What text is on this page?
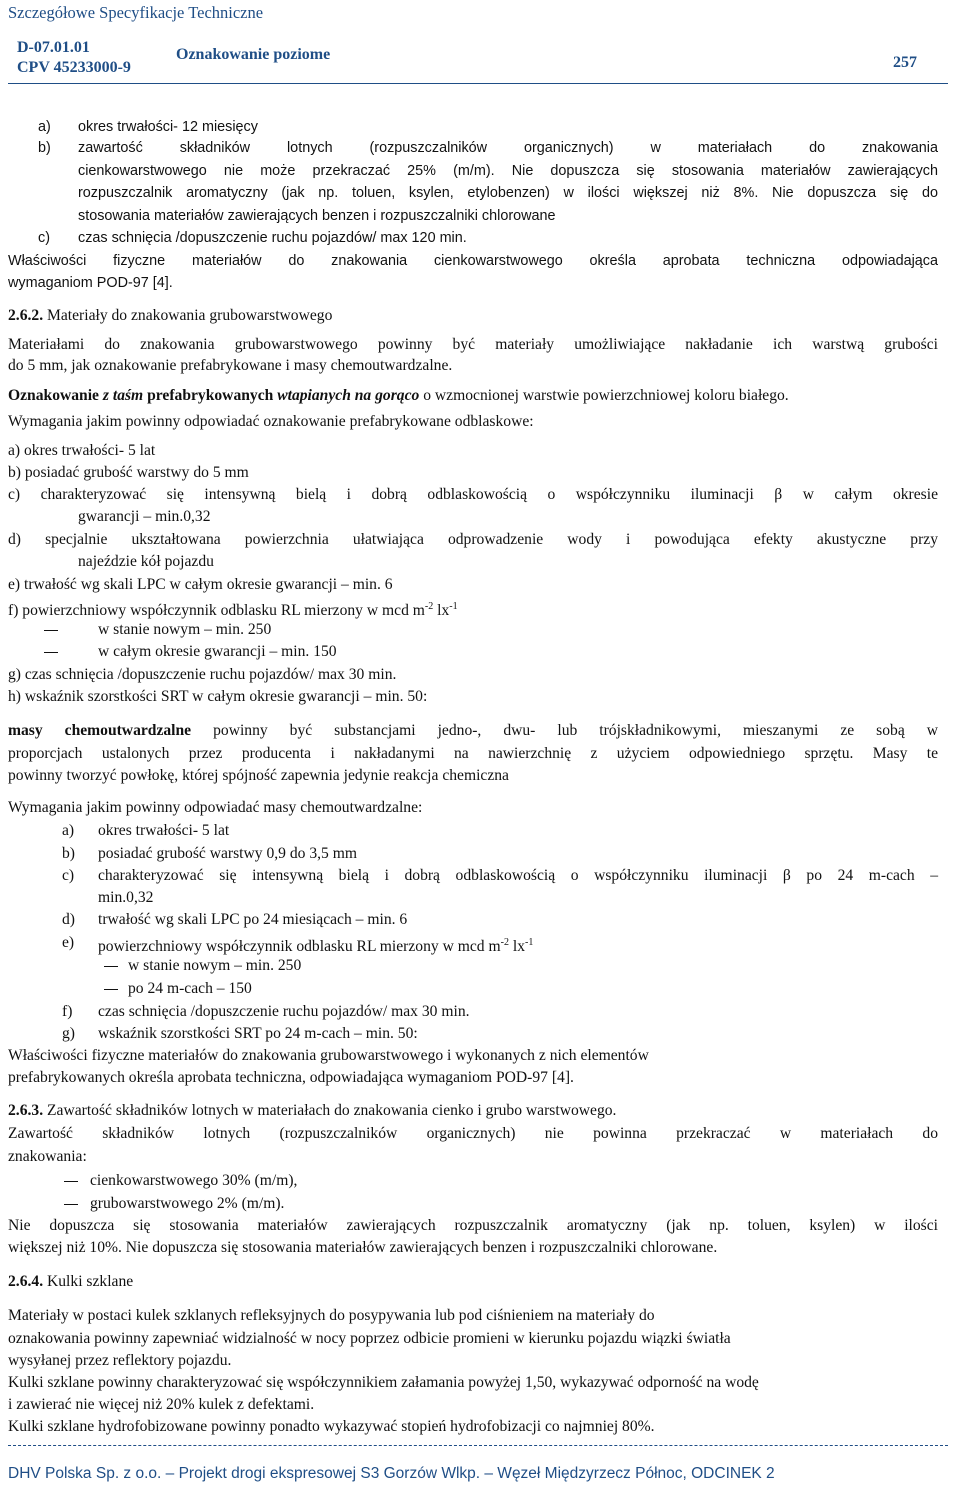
Szczegółowe Specyfikacje Techniczne
D-07.01.01
CPV 45233000-9
Oznakowanie poziome	257
a) okres trwałości- 12 miesięcy
b) zawartość składników lotnych (rozpuszczalników organicznych) w materiałach do znakowania
cienkowarstwowego nie może przekraczać 25% (m/m). Nie dopuszcza się stosowania materiałów zawierających
rozpuszczalnik aromatyczny (jak np. toluen, ksylen, etylobenzen) w ilości większej niż 8%. Nie dopuszcza się do
stosowania materiałów zawierających benzen i rozpuszczalniki chlorowane
c) czas schnięcia /dopuszczenie ruchu pojazdów/ max 120 min.
Właściwości fizyczne materiałów do znakowania cienkowarstwowego określa aprobata techniczna odpowiadająca
wymaganiom POD-97 [4].
2.6.2. Materiały do znakowania grubowarstwowego
Materiałami do znakowania grubowarstwowego powinny być materiały umożliwiające nakładanie ich warstwą grubości
do 5 mm, jak oznakowanie prefabrykowane i masy chemoutwardzalne.
Oznakowanie z taśm prefabrykowanych wtapianych na gorąco o wzmocnionej warstwie powierzchniowej koloru białego.
Wymagania jakim powinny odpowiadać oznakowanie prefabrykowane odblaskowe:
a) okres trwałości- 5 lat
b) posiadać grubość warstwy do 5 mm
c) charakteryzować się intensywną bielą i dobrą odblaskowością o współczynniku iluminacji β w całym okresie
gwarancji – min.0,32
d) specjalnie ukształtowana powierzchnia ułatwiająca odprowadzenie wody i powodująca efekty akustyczne przy
najeździe kół pojazdu
e) trwałość wg skali LPC w całym okresie gwarancji – min. 6
f) powierzchniowy współczynnik odblasku RL mierzony w mcd $m^{-2}$ $lx^{-1}$
w stanie nowym – min. 250
w całym okresie gwarancji – min. 150
g) czas schnięcia /dopuszczenie ruchu pojazdów/ max 30 min.
h) wskaźnik szorstkości SRT w całym okresie gwarancji – min. 50:
masy chemoutwardzalne powinny być substancjami jedno-, dwu- lub trójskładnikowymi, mieszanymi ze sobą w
proporcjach ustalonych przez producenta i nakładanymi na nawierzchnię z użyciem odpowiedniego sprzętu. Masy te
powinny tworzyć powłokę, której spójność zapewnia jedynie reakcja chemiczna
Wymagania jakim powinny odpowiadać masy chemoutwardzalne:
a) okres trwałości- 5 lat
b) posiadać grubość warstwy 0,9 do 3,5 mm
c) charakteryzować się intensywną bielą i dobrą odblaskowością o współczynniku iluminacji β po 24 m-cach –
min.0,32
d) trwałość wg skali LPC po 24 miesiącach – min. 6
e) powierzchniowy współczynnik odblasku RL mierzony w mcd $m^{-2}$ $lx^{-1}$
w stanie nowym – min. 250
po 24 m-cach – 150
f) czas schnięcia /dopuszczenie ruchu pojazdów/ max 30 min.
g) wskaźnik szorstkości SRT po 24 m-cach – min. 50:
Właściwości fizyczne materiałów do znakowania grubowarstwowego i wykonanych z nich elementów
prefabrykowanych określa aprobata techniczna, odpowiadająca wymaganiom POD-97 [4].
2.6.3. Zawartość składników lotnych w materiałach do znakowania cienko i grubo warstwowego.
Zawartość składników lotnych (rozpuszczalników organicznych) nie powinna przekraczać w materiałach do
znakowania:
cienkowarstwowego 30% (m/m),
grubowarstwowego 2% (m/m).
Nie dopuszcza się stosowania materiałów zawierających rozpuszczalnik aromatyczny (jak np. toluen, ksylen) w ilości
większej niż 10%. Nie dopuszcza się stosowania materiałów zawierających benzen i rozpuszczalniki chlorowane.
2.6.4. Kulki szklane
Materiały w postaci kulek szklanych refleksyjnych do posypywania lub pod ciśnieniem na materiały do
oznakowania powinny zapewniać widzialność w nocy poprzez odbicie promieni w kierunku pojazdu wiązki światła
wysyłanej przez reflektory pojazdu.
Kulki szklane powinny charakteryzować się współczynnikiem załamania powyżej 1,50, wykazywać odporność na wodę
i zawierać nie więcej niż 20% kulek z defektami.
Kulki szklane hydrofobizowane powinny ponadto wykazywać stopień hydrofobizacji co najmniej 80%.
DHV Polska Sp. z o.o. – Projekt drogi ekspresowej S3 Gorzów Wlkp. – Węzeł Międzyrzecz Północ, ODCINEK 2
